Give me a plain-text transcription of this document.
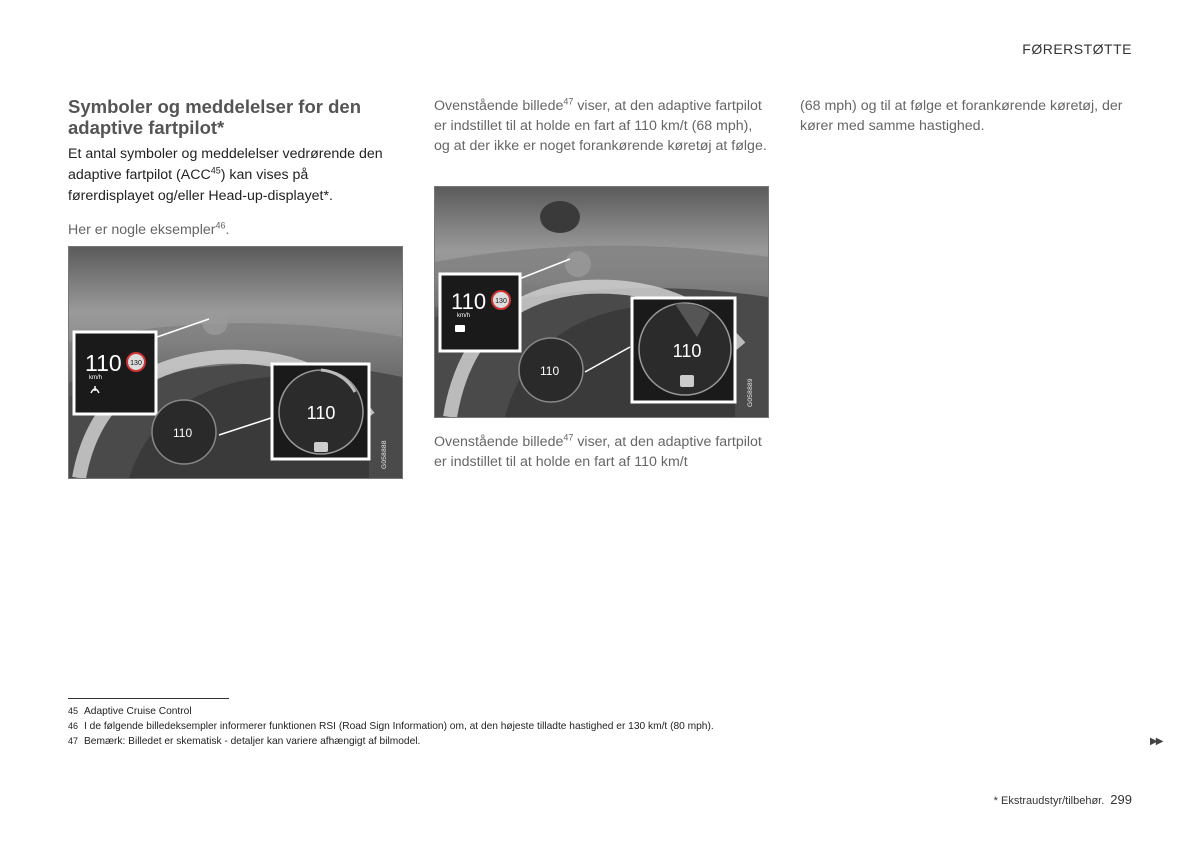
FØRERSTØTTE
Symboler og meddelelser for den adaptive fartpilot*

Et antal symboler og meddelelser vedrørende den adaptive fartpilot (ACC$^{45}$) kan vises på førerdisplayet og/eller Head-up-displayet*.

Her er nogle eksempler$^{46}$.

110 130
km/h
110
110
G058888

Ovenstående billede$^{47}$ viser, at den adaptive fartpilot er indstillet til at holde en fart af 110 km/t (68 mph), og at der ikke er noget forankørende køretøj at følge.

110 130
km/h
110
110
G058889

Ovenstående billede$^{47}$ viser, at den adaptive fartpilot er indstillet til at holde en fart af 110 km/t

(68 mph) og til at følge et forankørende køretøj, der kører med samme hastighed.

45 Adaptive Cruise Control
46 I de følgende billedeksempler informerer funktionen RSI (Road Sign Information) om, at den højeste tilladte hastighed er 130 km/t (80 mph).
47 Bemærk: Billedet er skematisk - detaljer kan variere afhængigt af bilmodel.	▶▶
* Ekstraudstyr/tilbehør. 299
